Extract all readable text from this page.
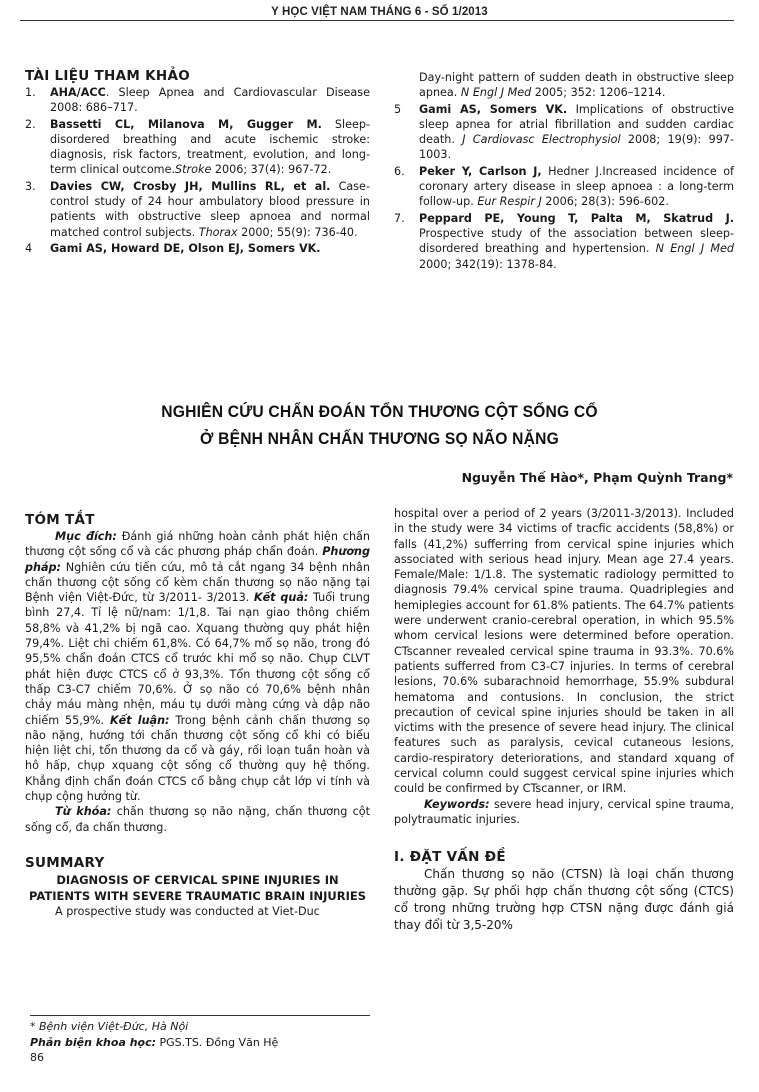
Y HỌC VIỆT NAM THÁNG 6 - SỐ 1/2013
TÀI LIỆU THAM KHẢO
1. AHA/ACC. Sleep Apnea and Cardiovascular Disease 2008: 686–717.
2. Bassetti CL, Milanova M, Gugger M. Sleep-disordered breathing and acute ischemic stroke: diagnosis, risk factors, treatment, evolution, and long-term clinical outcome.Stroke 2006; 37(4): 967-72.
3. Davies CW, Crosby JH, Mullins RL, et al. Case-control study of 24 hour ambulatory blood pressure in patients with obstructive sleep apnoea and normal matched control subjects. Thorax 2000; 55(9): 736-40.
4 Gami AS, Howard DE, Olson EJ, Somers VK.
Day-night pattern of sudden death in obstructive sleep apnea. N Engl J Med 2005; 352: 1206–1214.
5 Gami AS, Somers VK. Implications of obstructive sleep apnea for atrial fibrillation and sudden cardiac death. J Cardiovasc Electrophysiol 2008; 19(9): 997-1003.
6. Peker Y, Carlson J, Hedner J.Increased incidence of coronary artery disease in sleep apnoea : a long-term follow-up. Eur Respir J 2006; 28(3): 596-602.
7. Peppard PE, Young T, Palta M, Skatrud J. Prospective study of the association between sleep-disordered breathing and hypertension. N Engl J Med 2000; 342(19): 1378-84.
NGHIÊN CỨU CHẨN ĐOÁN TỔN THƯƠNG CỘT SỐNG CỔ
Ở BỆNH NHÂN CHẤN THƯƠNG SỌ NÃO NẶNG
Nguyễn Thế Hào*, Phạm Quỳnh Trang*
TÓM TẮT

Mục đích: Đánh giá những hoàn cảnh phát hiện chấn thương cột sống cổ và các phương pháp chẩn đoán. Phương pháp: Nghiên cứu tiến cứu, mô tả cắt ngang 34 bệnh nhân chấn thương cột sống cổ kèm chấn thương sọ não nặng tại Bệnh viện Việt-Đức, từ 3/2011- 3/2013. Kết quả: Tuổi trung bình 27,4. Tỉ lệ nữ/nam: 1/1,8. Tai nạn giao thông chiếm 58,8% và 41,2% bị ngã cao. Xquang thường quy phát hiện 79,4%. Liệt chi chiếm 61,8%. Có 64,7% mổ sọ não, trong đó 95,5% chẩn đoán CTCS cổ trước khi mổ sọ não. Chụp CLVT phát hiện được CTCS cổ ở 93,3%. Tổn thương cột sống cổ thấp C3-C7 chiếm 70,6%. Ở sọ não có 70,6% bệnh nhân chảy máu màng nhện, máu tụ dưới màng cứng và dập não chiếm 55,9%. Kết luận: Trong bệnh cảnh chấn thương sọ não nặng, hướng tới chấn thương cột sống cổ khi có biểu hiện liệt chi, tổn thương da cổ và gáy, rối loạn tuần hoàn và hô hấp, chụp xquang cột sống cổ thường quy hệ thống. Khẳng định chẩn đoán CTCS cổ bằng chụp cắt lớp vi tính và chụp cộng hưởng từ.

Từ khóa: chấn thương sọ não nặng, chấn thương cột sống cổ, đa chấn thương.

SUMMARY

DIAGNOSIS OF CERVICAL SPINE INJURIES IN PATIENTS WITH SEVERE TRAUMATIC BRAIN INJURIES

A prospective study was conducted at Viet-Duc

hospital over a period of 2 years (3/2011-3/2013). Included in the study were 34 victims of tracfic accidents (58,8%) or falls (41,2%) sufferring from cervical spine injuries which associated with serious head injury. Mean age 27.4 years. Female/Male: 1/1.8. The systematic radiology permitted to diagnosis 79.4% cervical spine trauma. Quadriplegies and hemiplegies account for 61.8% patients. The 64.7% patients were underwent cranio-cerebral operation, in which 95.5% whom cervical lesions were determined before operation. CTscanner revealed cervical spine trauma in 93.3%. 70.6% patients sufferred from C3-C7 injuries. In terms of cerebral lesions, 70.6% subarachnoid hemorrhage, 55.9% subdural hematoma and contusions. In conclusion, the strict precaution of cevical spine injuries should be taken in all victims with the presence of severe head injury. The clinical features such as paralysis, cevical cutaneous lesions, cardio-respiratory deteriorations, and standard xquang of cervical column could suggest cervical spine injuries which could be confirmed by CTscanner, or IRM.

Keywords: severe head injury, cervical spine trauma, polytraumatic injuries.

I. ĐẶT VẤN ĐỀ

Chấn thương sọ não (CTSN) là loại chấn thương thường gặp. Sự phối hợp chấn thương cột sống (CTCS) cổ trong những trường hợp CTSN nặng được đánh giá thay đổi từ 3,5-20%

* Bệnh viện Việt-Đức, Hà Nội
Phản biện khoa học: PGS.TS. Đồng Văn Hệ
86
